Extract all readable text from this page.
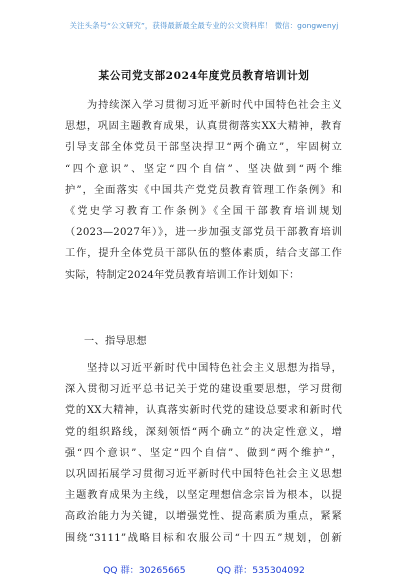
关注头条号“公文研究”，获得最新最全最专业的公文资料库！ 微信：gongwenyj
某公司党支部2024年度党员教育培训计划
为持续深入学习贯彻习近平新时代中国特色社会主义
思想，巩固主题教育成果，认真贯彻落实XX大精神，教育
引导支部全体党员干部坚决捍卫“两个确立”，牢固树立
“四个意识”、坚定“四个自信”、坚决做到“两个维
护”，全面落实《中国共产党党员教育管理工作条例》和
《党史学习教育工作条例》《全国干部教育培训规划
（2023—2027年）》，进一步加强支部党员干部教育培训
工作，提升全体党员干部队伍的整体素质，结合支部工作
实际，特制定2024年党员教育培训工作计划如下：
一、指导思想
坚持以习近平新时代中国特色社会主义思想为指导，
深入贯彻习近平总书记关于党的建设重要思想，学习贯彻
党的XX大精神，认真落实新时代党的建设总要求和新时代
党的组织路线，深刻领悟“两个确立”的决定性意义，增
强“四个意识”、坚定“四个自信”、做到“两个维护”，
以巩固拓展学习贯彻习近平新时代中国特色社会主义思想
主题教育成果为主线，以坚定理想信念宗旨为根本，以提
高政治能力为关键，以增强党性、提高素质为重点，紧紧
围绕“3111”战略目标和农服公司“十四五”规划，创新
QQ 群：30265665	QQ 群：535304092
